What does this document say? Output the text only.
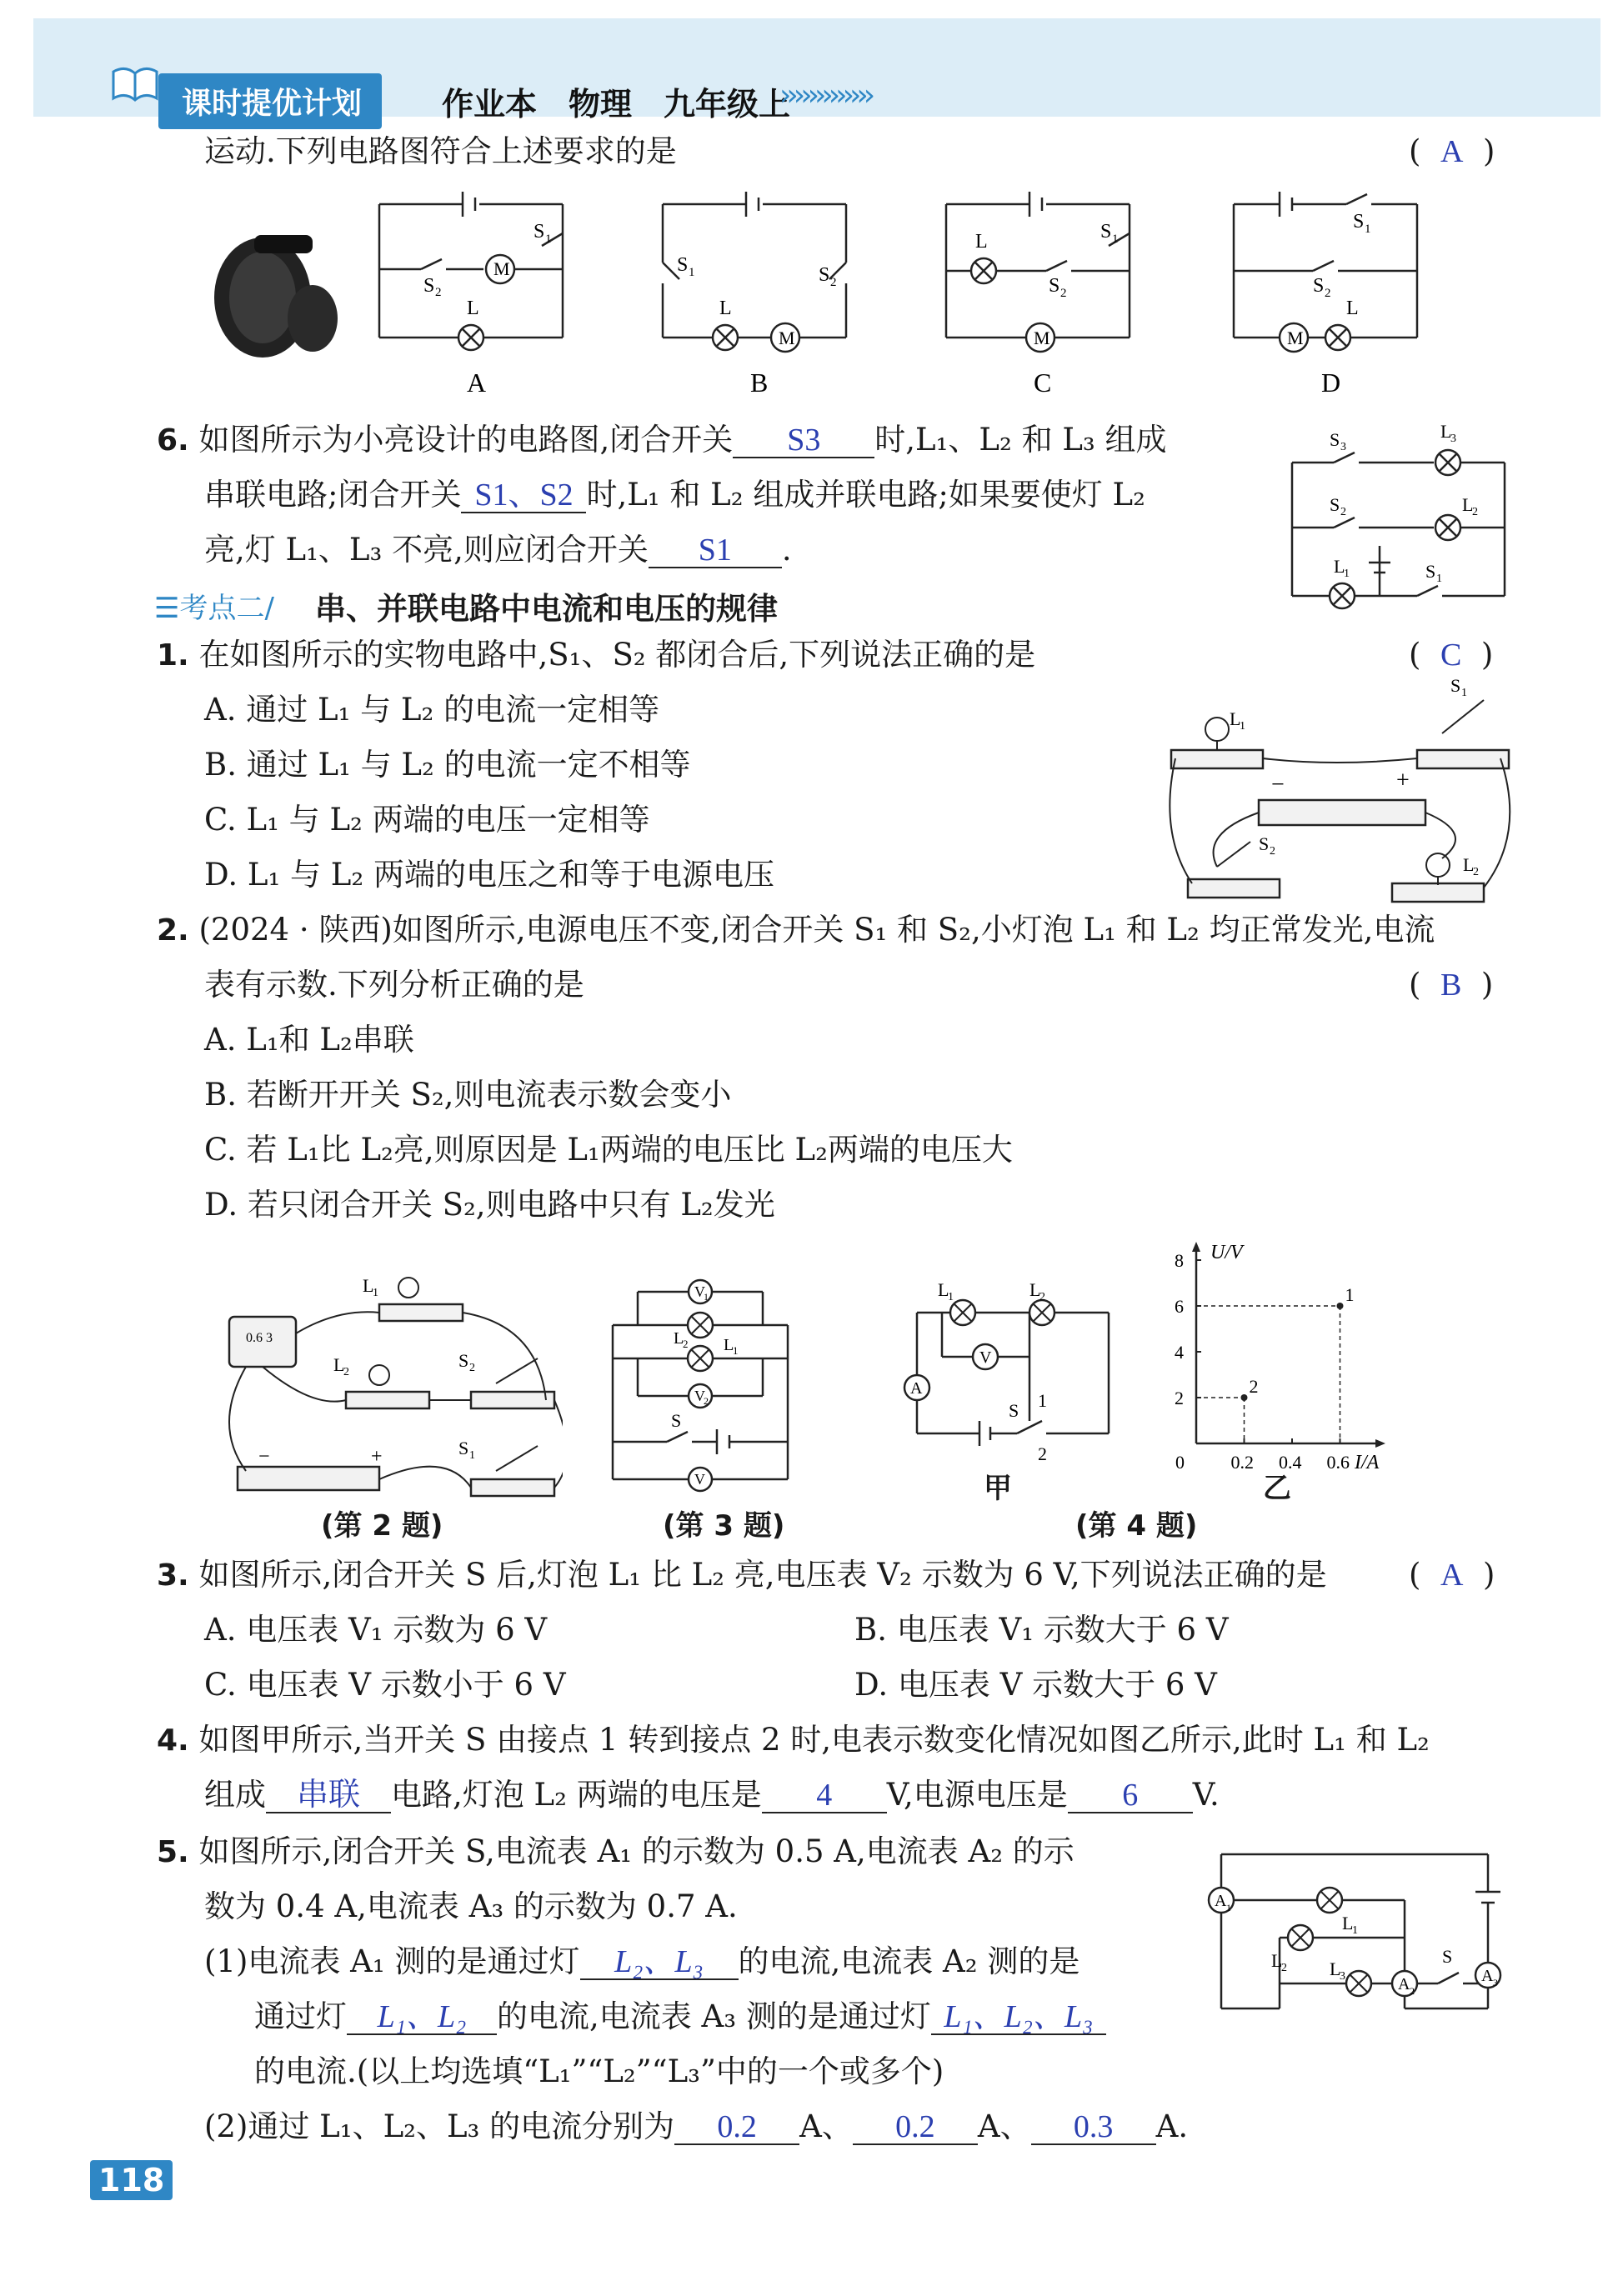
课时提优计划	作业本　物理　九年级上
›››››››››››››
运动.下列电路图符合上述要求的是	(  A  )
M
S 2
L
S 1
A
M
S 1	S 2
L
B
M
L
S 2
S 1
C
M
S 1
S 2
L
D
6. 如图所示为小亮设计的电路图,闭合开关 S3 时,L₁、L₂ 和 L₃ 组成
串联电路;闭合开关 S1、S2 时,L₁ 和 L₂ 组成并联电路;如果要使灯 L₂
亮,灯 L₁、L₃ 不亮,则应闭合开关 S1 .
S 3
L
3
S 2	L
2
L
1	S 1
☰考点二/ 串、并联电路中电流和电压的规律
1. 在如图所示的实物电路中,S₁、S₂ 都闭合后,下列说法正确的是	(  C  )
A. 通过 L₁ 与 L₂ 的电流一定相等
B. 通过 L₁ 与 L₂ 的电流一定不相等
C. L₁ 与 L₂ 两端的电压一定相等
D. L₁ 与 L₂ 两端的电压之和等于电源电压
L
1
S 1
S 2
L
2
−	+
2. (2024 · 陕西)如图所示,电源电压不变,闭合开关 S₁ 和 S₂,小灯泡 L₁ 和 L₂ 均正常发光,电流
表有示数.下列分析正确的是	(  B  )
A. L₁和 L₂串联
B. 若断开开关 S₂,则电流表示数会变小
C. 若 L₁比 L₂亮,则原因是 L₁两端的电压比 L₂两端的电压大
D. 若只闭合开关 S₂,则电路中只有 L₂发光
0.6 3
L
1
L
2
S 2
S 1
−	+
(第 2 题)
V
1
V
2
V
L
1
L
2
S
(第 3 题)
V
A
L
1	L
2
S 1
2
甲
0.2 0.4 0.6
2
4
6
8
1
2
U/V
I/A
0
乙
(第 4 题)
3. 如图所示,闭合开关 S 后,灯泡 L₁ 比 L₂ 亮,电压表 V₂ 示数为 6 V,下列说法正确的是	(  A  )
A. 电压表 V₁ 示数为 6 V	B. 电压表 V₁ 示数大于 6 V
C. 电压表 V 示数小于 6 V	D. 电压表 V 示数大于 6 V
4. 如图甲所示,当开关 S 由接点 1 转到接点 2 时,电表示数变化情况如图乙所示,此时 L₁ 和 L₂
组成 串联 电路,灯泡 L₂ 两端的电压是 4 V,电源电压是 6 V.
5. 如图所示,闭合开关 S,电流表 A₁ 的示数为 0.5 A,电流表 A₂ 的示
数为 0.4 A,电流表 A₃ 的示数为 0.7 A.
(1)电流表 A₁ 测的是通过灯 L₂、L₃ 的电流,电流表 A₂ 测的是
通过灯 L₁、L₂ 的电流,电流表 A₃ 测的是通过灯 L₁、L₂、L₃
的电流.(以上均选填“L₁”“L₂”“L₃”中的一个或多个)
(2)通过 L₁、L₂、L₃ 的电流分别为 0.2 A、 0.2 A、 0.3 A.
A 1
A 2
A 3
L
1
L
2 L
3
S
118
